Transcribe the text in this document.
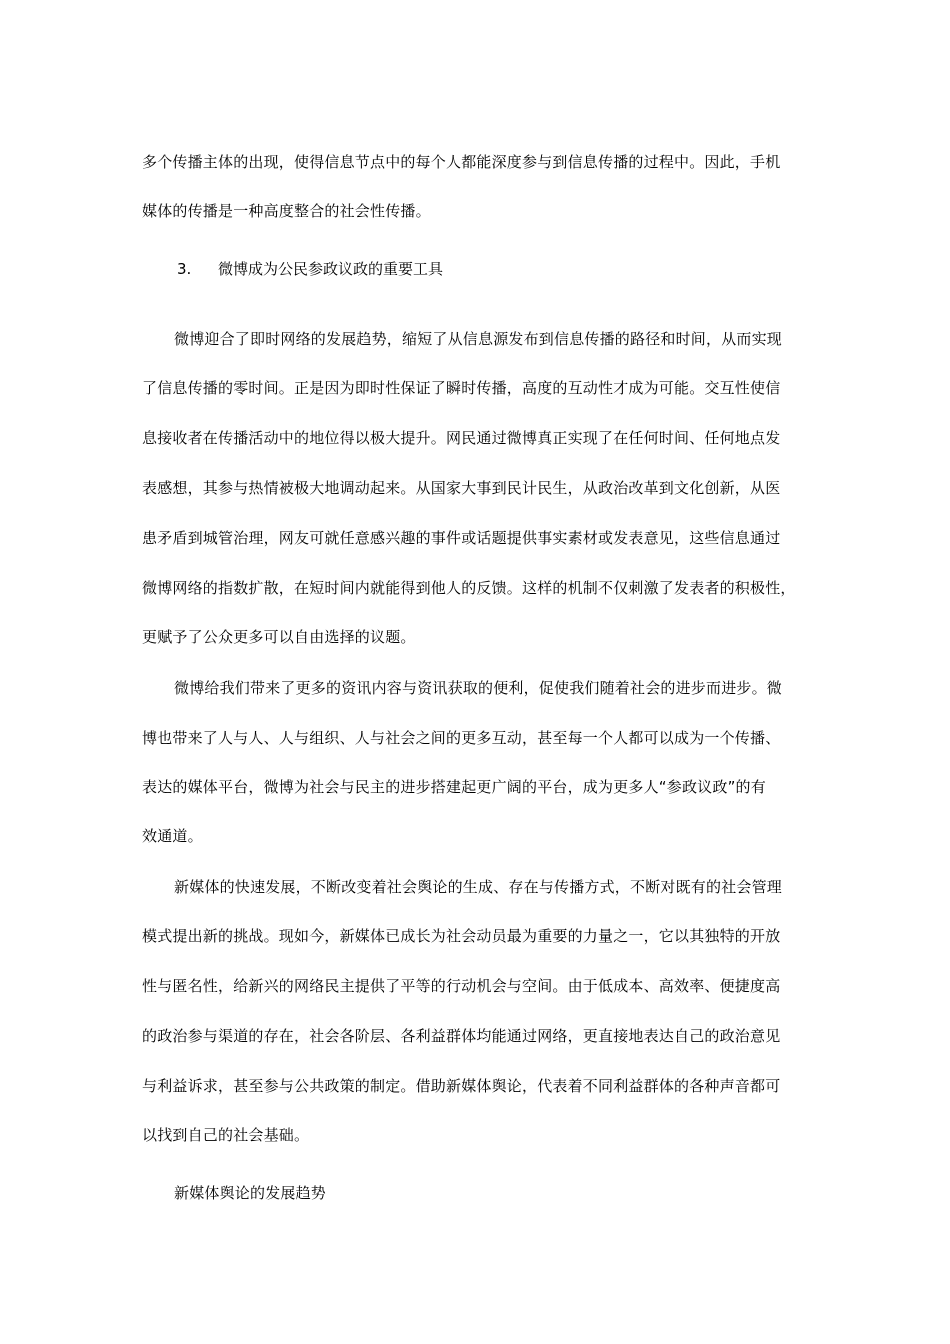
多个传播主体的出现，使得信息节点中的每个人都能深度参与到信息传播的过程中。因此，手机
媒体的传播是一种高度整合的社会性传播。
3. 微博成为公民参政议政的重要工具
微博迎合了即时网络的发展趋势，缩短了从信息源发布到信息传播的路径和时间，从而实现
了信息传播的零时间。正是因为即时性保证了瞬时传播，高度的互动性才成为可能。交互性使信
息接收者在传播活动中的地位得以极大提升。网民通过微博真正实现了在任何时间、任何地点发
表感想，其参与热情被极大地调动起来。从国家大事到民计民生，从政治改革到文化创新，从医
患矛盾到城管治理，网友可就任意感兴趣的事件或话题提供事实素材或发表意见，这些信息通过
微博网络的指数扩散，在短时间内就能得到他人的反馈。这样的机制不仅刺激了发表者的积极性，
更赋予了公众更多可以自由选择的议题。
微博给我们带来了更多的资讯内容与资讯获取的便利，促使我们随着社会的进步而进步。微
博也带来了人与人、人与组织、人与社会之间的更多互动，甚至每一个人都可以成为一个传播、
表达的媒体平台，微博为社会与民主的进步搭建起更广阔的平台，成为更多人“参政议政”的有
效通道。
新媒体的快速发展，不断改变着社会舆论的生成、存在与传播方式，不断对既有的社会管理
模式提出新的挑战。现如今，新媒体已成长为社会动员最为重要的力量之一，它以其独特的开放
性与匿名性，给新兴的网络民主提供了平等的行动机会与空间。由于低成本、高效率、便捷度高
的政治参与渠道的存在，社会各阶层、各利益群体均能通过网络，更直接地表达自己的政治意见
与利益诉求，甚至参与公共政策的制定。借助新媒体舆论，代表着不同利益群体的各种声音都可
以找到自己的社会基础。
新媒体舆论的发展趋势
